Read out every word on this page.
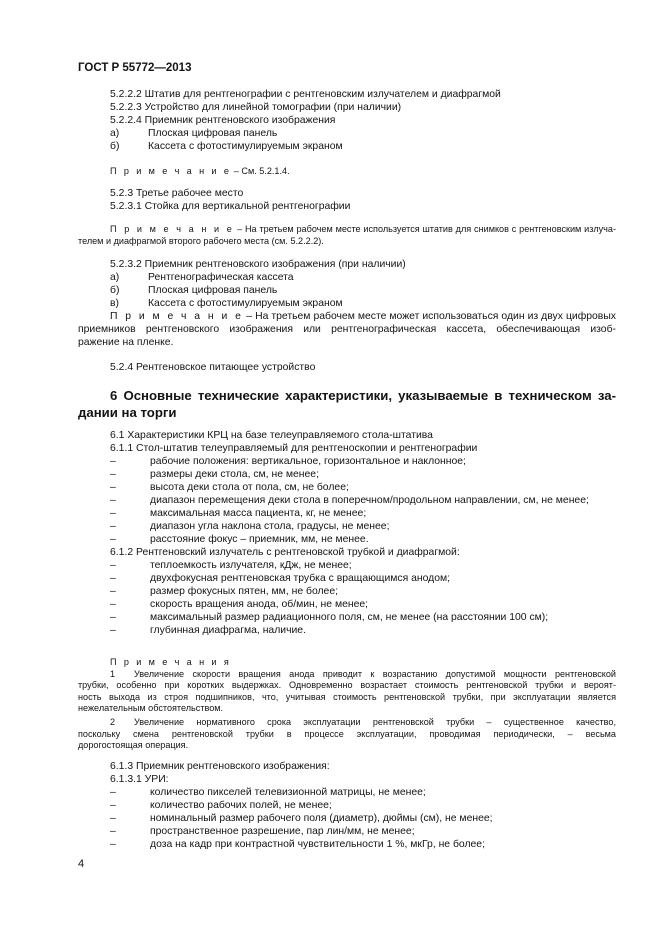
ГОСТ Р 55772—2013

5.2.2.2 Штатив для рентгенографии с рентгеновским излучателем и диафрагмой

5.2.2.3 Устройство для линейной томографии (при наличии)

5.2.2.4 Приемник рентгеновского изображения

а)	Плоская цифровая панель
б)	Кассета с фотостимулируемым экраном

П р и м е ч а н и е – См. 5.2.1.4.

5.2.3 Третье рабочее место

5.2.3.1 Стойка для вертикальной рентгенографии

П р и м е ч а н и е – На третьем рабочем месте используется штатив для снимков с рентгеновским излуча-

телем и диафрагмой второго рабочего места (см. 5.2.2.2).

5.2.3.2 Приемник рентгеновского изображения (при наличии)

а)	Рентгенографическая кассета
б)	Плоская цифровая панель
в)	Кассета с фотостимулируемым экраном

П р и м е ч а н и е – На третьем рабочем месте может использоваться один из двух цифровых

приемников рентгеновского изображения или рентгенографическая кассета, обеспечивающая изоб-

ражение на пленке.

5.2.4 Рентгеновское питающее устройство

6 Основные технические характеристики, указываемые в техническом за-

дании на торги

6.1 Характеристики КРЦ на базе телеуправляемого стола-штатива

6.1.1 Стол-штатив телеуправляемый для рентгеноскопии и рентгенографии

–	рабочие положения: вертикальное, горизонтальное и наклонное;
–	размеры деки стола, см, не менее;
–	высота деки стола от пола, см, не более;
–	диапазон перемещения деки стола в поперечном/продольном направлении, см, не менее;
–	максимальная масса пациента, кг, не менее;
–	диапазон угла наклона стола, градусы, не менее;
–	расстояние фокус – приемник, мм, не менее.

6.1.2 Рентгеновский излучатель с рентгеновской трубкой и диафрагмой:

–	теплоемкость излучателя, кДж, не менее;
–	двухфокусная рентгеновская трубка с вращающимся анодом;
–	размер фокусных пятен, мм, не более;
–	скорость вращения анода, об/мин, не менее;
–	максимальный размер радиационного поля, см, не менее (на расстоянии 100 см);
–	глубинная диафрагма, наличие.

П р и м е ч а н и я

1 Увеличение скорости вращения анода приводит к возрастанию допустимой мощности рентгеновской

трубки, особенно при коротких выдержках. Одновременно возрастает стоимость рентгеновской трубки и вероят-

ность выхода из строя подшипников, что, учитывая стоимость рентгеновской трубки, при эксплуатации является

нежелательным обстоятельством.

2 Увеличение нормативного срока эксплуатации рентгеновской трубки – существенное качество,

поскольку смена рентгеновской трубки в процессе эксплуатации, проводимая периодически, – весьма

дорогостоящая операция.

6.1.3 Приемник рентгеновского изображения:

6.1.3.1 УРИ:

–	количество пикселей телевизионной матрицы, не менее;
–	количество рабочих полей, не менее;
–	номинальный размер рабочего поля (диаметр), дюймы (см), не менее;
–	пространственное разрешение, пар лин/мм, не менее;
–	доза на кадр при контрастной чувствительности 1 %, мкГр, не более;
4
